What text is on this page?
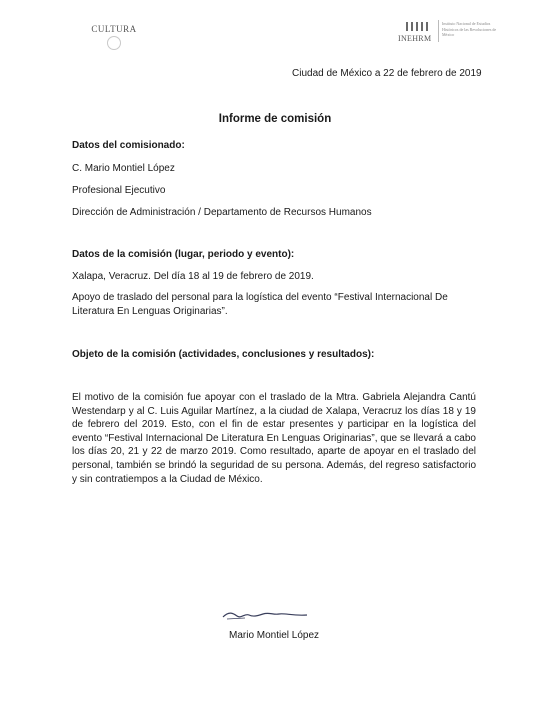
CULTURA
INEHRM
Instituto Nacional de Estudios Históricos de las Revoluciones de México
Ciudad de México a 22 de febrero de 2019
Informe de comisión
Datos del comisionado:
C. Mario Montiel López
Profesional Ejecutivo
Dirección de Administración / Departamento de Recursos Humanos
Datos de la comisión (lugar, periodo y evento):
Xalapa, Veracruz. Del día 18 al 19 de febrero de 2019.
Apoyo de traslado del personal para la logística del evento “Festival Internacional De Literatura En Lenguas Originarias”.
Objeto de la comisión (actividades, conclusiones y resultados):
El motivo de la comisión fue apoyar con el traslado de la Mtra. Gabriela Alejandra Cantú Westendarp y al C. Luis Aguilar Martínez, a la ciudad de Xalapa, Veracruz los días 18 y 19 de febrero del 2019. Esto, con el fin de estar presentes y participar en la logística del evento “Festival Internacional De Literatura En Lenguas Originarias”, que se llevará a cabo los días 20, 21 y 22 de marzo 2019. Como resultado, aparte de apoyar en el traslado del personal, también se brindó la seguridad de su persona. Además, del regreso satisfactorio y sin contratiempos a la Ciudad de México.
Mario Montiel López
